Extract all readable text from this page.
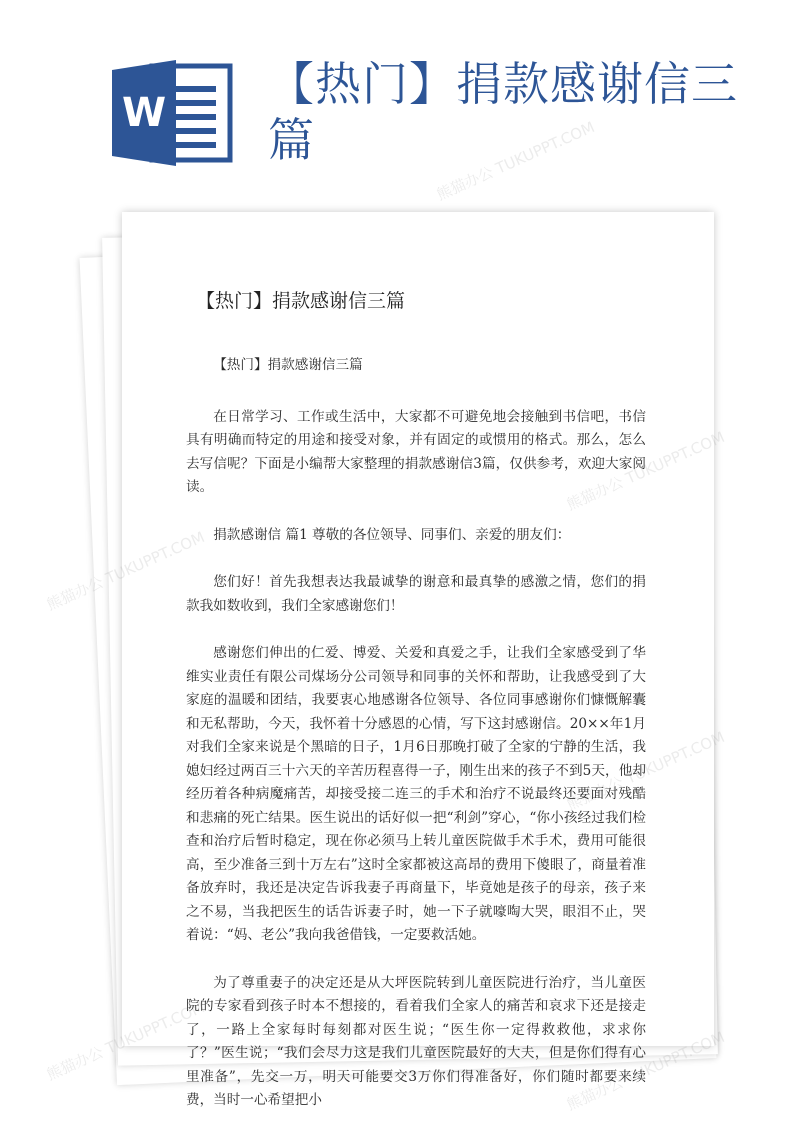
W
【热门】捐款感谢信三篇
【热门】捐款感谢信三篇

【热门】捐款感谢信三篇

在日常学习、工作或生活中，大家都不可避免地会接触到书信吧，书信具有明确而特定的用途和接受对象，并有固定的或惯用的格式。那么，怎么去写信呢？下面是小编帮大家整理的捐款感谢信3篇，仅供参考，欢迎大家阅读。

捐款感谢信 篇1 尊敬的各位领导、同事们、亲爱的朋友们：

您们好！首先我想表达我最诚挚的谢意和最真挚的感激之情，您们的捐款我如数收到，我们全家感谢您们！

感谢您们伸出的仁爱、博爱、关爱和真爱之手，让我们全家感受到了华维实业责任有限公司煤场分公司领导和同事的关怀和帮助，让我感受到了大家庭的温暖和团结，我要衷心地感谢各位领导、各位同事感谢你们慷慨解囊和无私帮助，今天，我怀着十分感恩的心情，写下这封感谢信。20××年1月对我们全家来说是个黑暗的日子，1月6日那晚打破了全家的宁静的生活，我媳妇经过两百三十六天的辛苦历程喜得一子，刚生出来的孩子不到5天，他却经历着各种病魔痛苦，却接受接二连三的手术和治疗不说最终还要面对残酷和悲痛的死亡结果。医生说出的话好似一把“利剑”穿心，“你小孩经过我们检查和治疗后暂时稳定，现在你必须马上转儿童医院做手术手术，费用可能很高，至少准备三到十万左右”这时全家都被这高昂的费用下傻眼了，商量着准备放弃时，我还是决定告诉我妻子再商量下，毕竟她是孩子的母亲，孩子来之不易，当我把医生的话告诉妻子时，她一下子就嚎啕大哭，眼泪不止，哭着说：“妈、老公”我向我爸借钱，一定要救活她。

为了尊重妻子的决定还是从大坪医院转到儿童医院进行治疗，当儿童医院的专家看到孩子时本不想接的，看着我们全家人的痛苦和哀求下还是接走了，一路上全家每时每刻都对医生说；“医生你一定得救救他，求求你了？”医生说；“我们会尽力这是我们儿童医院最好的大夫，但是你们得有心里准备”，先交一万，明天可能要交3万你们得准备好，你们随时都要来续费，当时一心希望把小

熊猫办公 TUKUPPT.COM
熊猫办公
熊猫办公	熊猫办公 TUKUPPT.COM
